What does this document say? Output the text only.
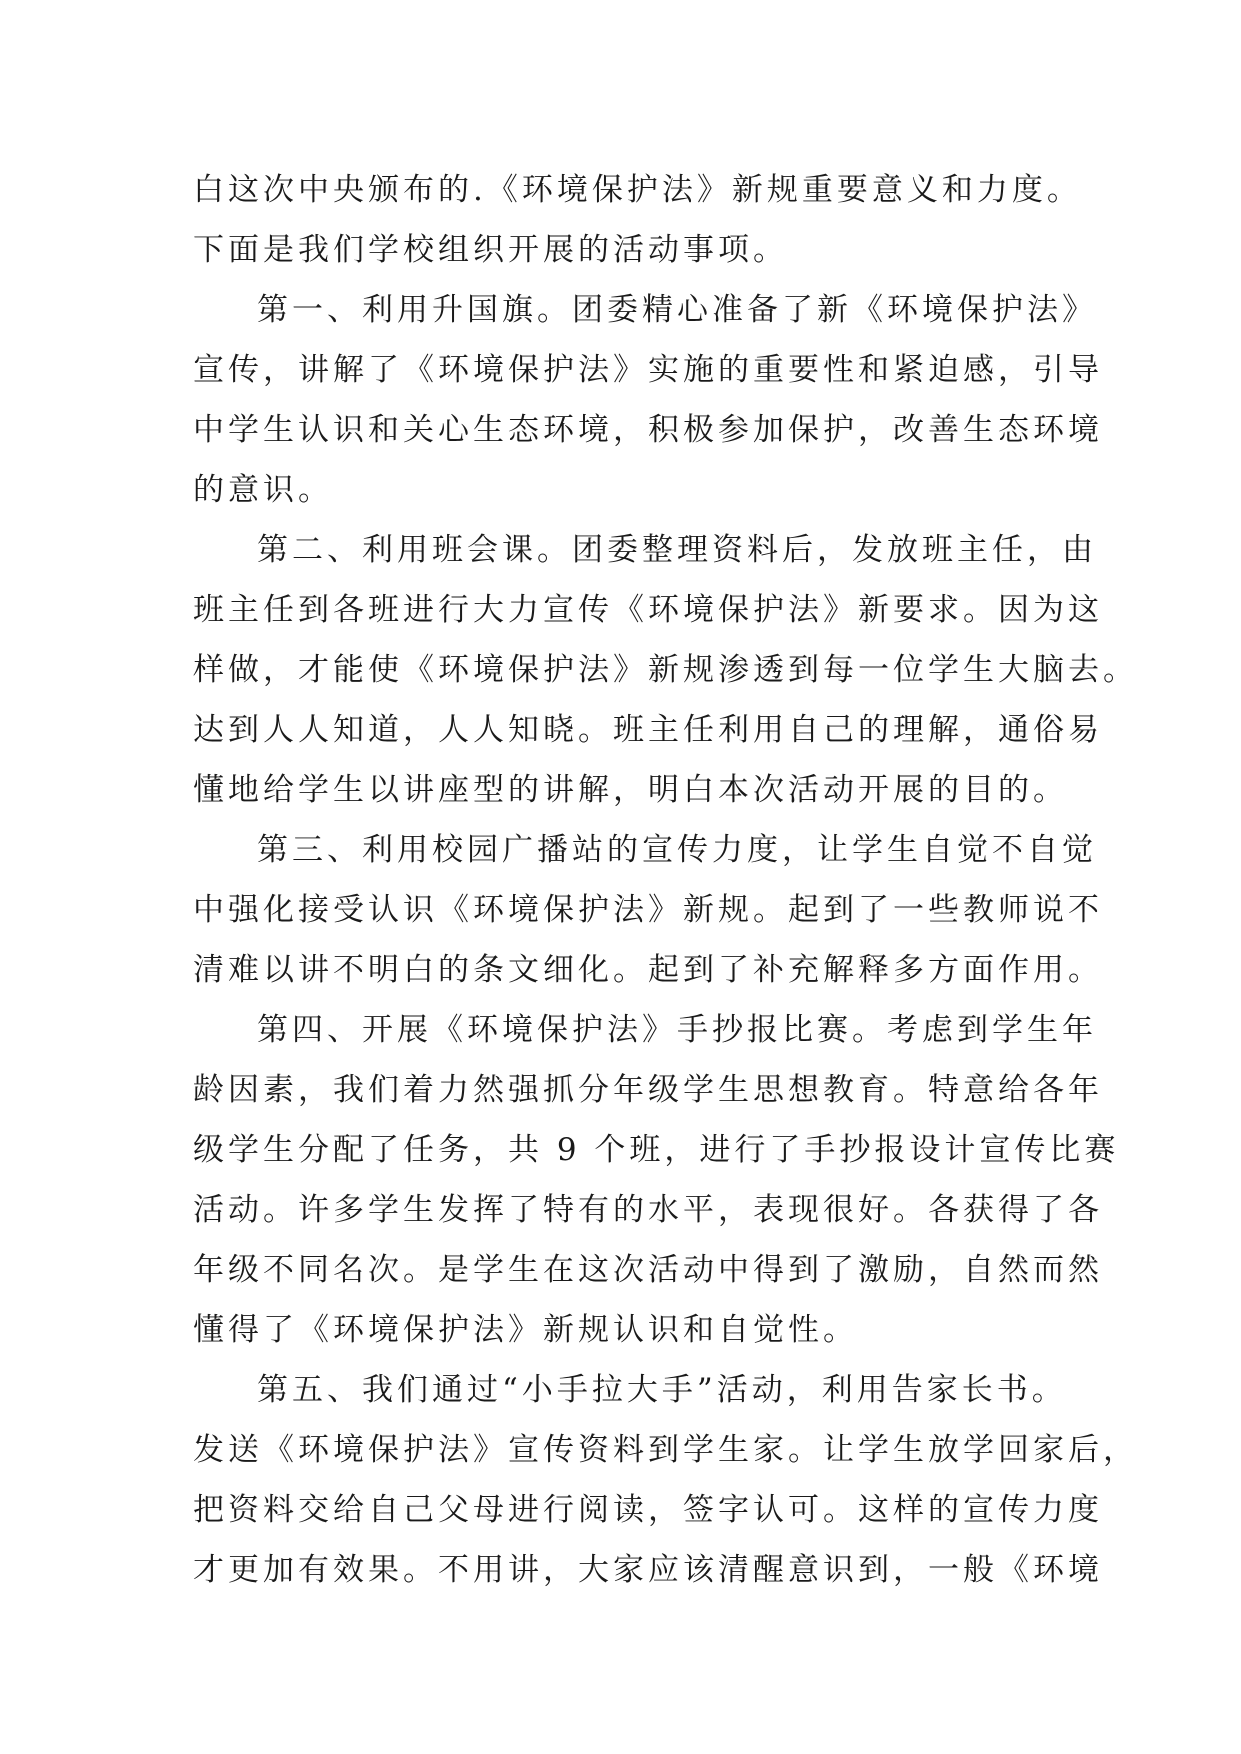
白这次中央颁布的.《环境保护法》新规重要意义和力度。
下面是我们学校组织开展的活动事项。
第一、利用升国旗。团委精心准备了新《环境保护法》
宣传，讲解了《环境保护法》实施的重要性和紧迫感，引导
中学生认识和关心生态环境，积极参加保护，改善生态环境
的意识。
第二、利用班会课。团委整理资料后，发放班主任，由
班主任到各班进行大力宣传《环境保护法》新要求。因为这
样做，才能使《环境保护法》新规渗透到每一位学生大脑去。
达到人人知道，人人知晓。班主任利用自己的理解，通俗易
懂地给学生以讲座型的讲解，明白本次活动开展的目的。
第三、利用校园广播站的宣传力度，让学生自觉不自觉
中强化接受认识《环境保护法》新规。起到了一些教师说不
清难以讲不明白的条文细化。起到了补充解释多方面作用。
第四、开展《环境保护法》手抄报比赛。考虑到学生年
龄因素，我们着力然强抓分年级学生思想教育。特意给各年
级学生分配了任务，共 9 个班，进行了手抄报设计宣传比赛
活动。许多学生发挥了特有的水平，表现很好。各获得了各
年级不同名次。是学生在这次活动中得到了激励，自然而然
懂得了《环境保护法》新规认识和自觉性。
第五、我们通过“小手拉大手”活动，利用告家长书。
发送《环境保护法》宣传资料到学生家。让学生放学回家后，
把资料交给自己父母进行阅读，签字认可。这样的宣传力度
才更加有效果。不用讲，大家应该清醒意识到，一般《环境
